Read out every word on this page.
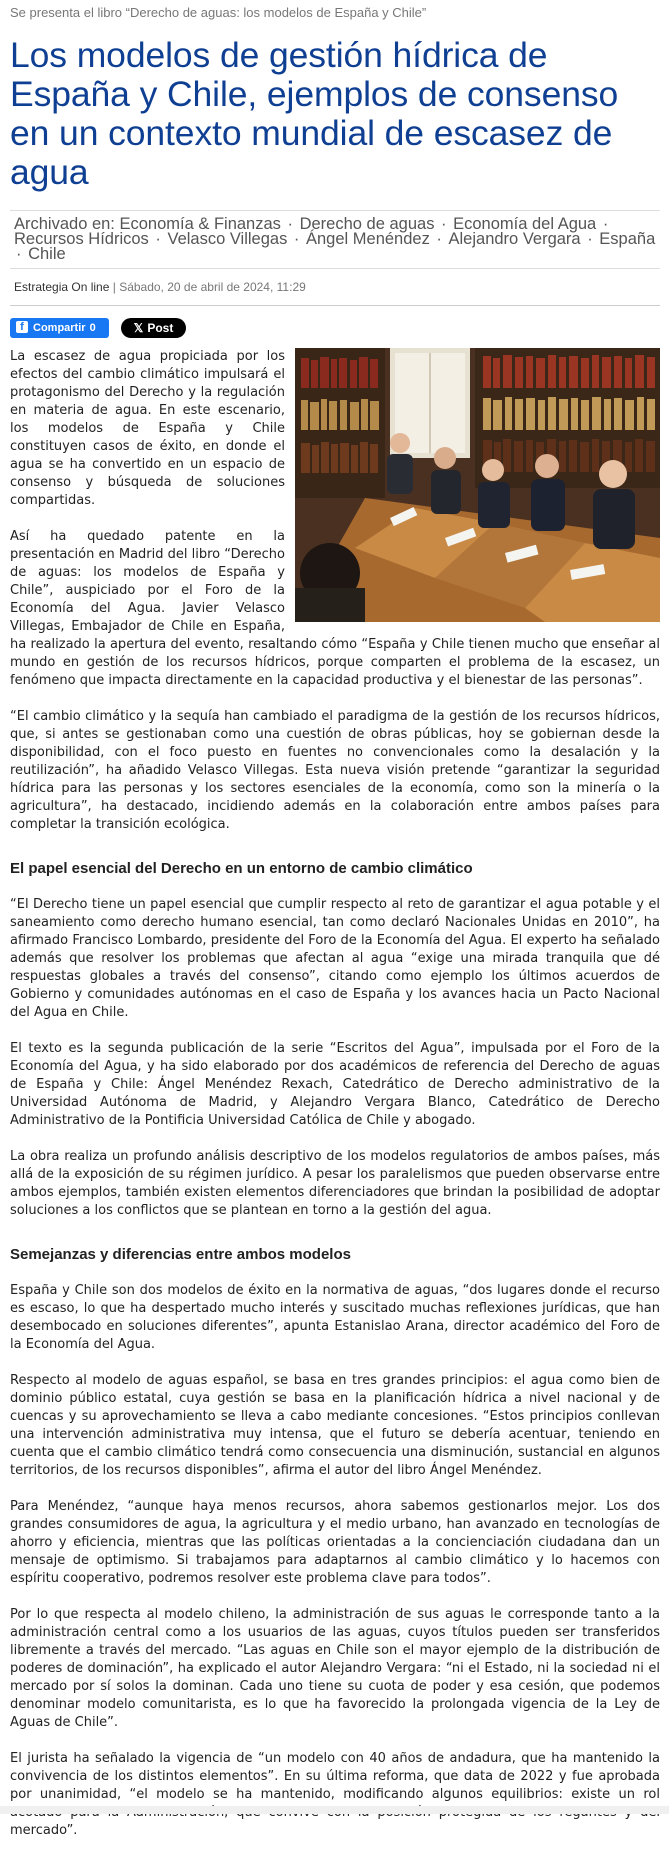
Se presenta el libro “Derecho de aguas: los modelos de España y Chile”
Los modelos de gestión hídrica de España y Chile, ejemplos de consenso en un contexto mundial de escasez de agua
Archivado en: Economía & Finanzas · Derecho de aguas · Economía del Agua · Recursos Hídricos · Velasco Villegas · Ángel Menéndez · Alejandro Vergara · España · Chile
Estrategia On line | Sábado, 20 de abril de 2024, 11:29
f Compartir 0	𝕏 Post

La escasez de agua propiciada por los efectos del cambio climático impulsará el protagonismo del Derecho y la regulación en materia de agua. En este escenario, los modelos de España y Chile constituyen casos de éxito, en donde el agua se ha convertido en un espacio de consenso y búsqueda de soluciones compartidas.

Así ha quedado patente en la presentación en Madrid del libro “Derecho de aguas: los modelos de España y Chile”, auspiciado por el Foro de la Economía del Agua. Javier Velasco Villegas, Embajador de Chile en España, ha realizado la apertura del evento, resaltando cómo “España y Chile tienen mucho que enseñar al mundo en gestión de los recursos hídricos, porque comparten el problema de la escasez, un fenómeno que impacta directamente en la capacidad productiva y el bienestar de las personas”.

“El cambio climático y la sequía han cambiado el paradigma de la gestión de los recursos hídricos, que, si antes se gestionaban como una cuestión de obras públicas, hoy se gobiernan desde la disponibilidad, con el foco puesto en fuentes no convencionales como la desalación y la reutilización”, ha añadido Velasco Villegas. Esta nueva visión pretende “garantizar la seguridad hídrica para las personas y los sectores esenciales de la economía, como son la minería o la agricultura”, ha destacado, incidiendo además en la colaboración entre ambos países para completar la transición ecológica.

El papel esencial del Derecho en un entorno de cambio climático

“El Derecho tiene un papel esencial que cumplir respecto al reto de garantizar el agua potable y el saneamiento como derecho humano esencial, tan como declaró Nacionales Unidas en 2010”, ha afirmado Francisco Lombardo, presidente del Foro de la Economía del Agua. El experto ha señalado además que resolver los problemas que afectan al agua “exige una mirada tranquila que dé respuestas globales a través del consenso”, citando como ejemplo los últimos acuerdos de Gobierno y comunidades autónomas en el caso de España y los avances hacia un Pacto Nacional del Agua en Chile.

El texto es la segunda publicación de la serie “Escritos del Agua”, impulsada por el Foro de la Economía del Agua, y ha sido elaborado por dos académicos de referencia del Derecho de aguas de España y Chile: Ángel Menéndez Rexach, Catedrático de Derecho administrativo de la Universidad Autónoma de Madrid, y Alejandro Vergara Blanco, Catedrático de Derecho Administrativo de la Pontificia Universidad Católica de Chile y abogado.

La obra realiza un profundo análisis descriptivo de los modelos regulatorios de ambos países, más allá de la exposición de su régimen jurídico. A pesar los paralelismos que pueden observarse entre ambos ejemplos, también existen elementos diferenciadores que brindan la posibilidad de adoptar soluciones a los conflictos que se plantean en torno a la gestión del agua.

Semejanzas y diferencias entre ambos modelos

España y Chile son dos modelos de éxito en la normativa de aguas, “dos lugares donde el recurso es escaso, lo que ha despertado mucho interés y suscitado muchas reflexiones jurídicas, que han desembocado en soluciones diferentes”, apunta Estanislao Arana, director académico del Foro de la Economía del Agua.

Respecto al modelo de aguas español, se basa en tres grandes principios: el agua como bien de dominio público estatal, cuya gestión se basa en la planificación hídrica a nivel nacional y de cuencas y su aprovechamiento se lleva a cabo mediante concesiones. “Estos principios conllevan una intervención administrativa muy intensa, que el futuro se debería acentuar, teniendo en cuenta que el cambio climático tendrá como consecuencia una disminución, sustancial en algunos territorios, de los recursos disponibles”, afirma el autor del libro Ángel Menéndez.

Para Menéndez, “aunque haya menos recursos, ahora sabemos gestionarlos mejor. Los dos grandes consumidores de agua, la agricultura y el medio urbano, han avanzado en tecnologías de ahorro y eficiencia, mientras que las políticas orientadas a la concienciación ciudadana dan un mensaje de optimismo. Si trabajamos para adaptarnos al cambio climático y lo hacemos con espíritu cooperativo, podremos resolver este problema clave para todos”.

Por lo que respecta al modelo chileno, la administración de sus aguas le corresponde tanto a la administración central como a los usuarios de las aguas, cuyos títulos pueden ser transferidos libremente a través del mercado. “Las aguas en Chile son el mayor ejemplo de la distribución de poderes de dominación”, ha explicado el autor Alejandro Vergara: “ni el Estado, ni la sociedad ni el mercado por sí solos la dominan. Cada uno tiene su cuota de poder y esa cesión, que podemos denominar modelo comunitarista, es lo que ha favorecido la prolongada vigencia de la Ley de Aguas de Chile”.

El jurista ha señalado la vigencia de “un modelo con 40 años de andadura, que ha mantenido la convivencia de los distintos elementos”. En su última reforma, que data de 2022 y fue aprobada por unanimidad, “el modelo se ha mantenido, modificando algunos equilibrios: existe un rol mercado”.
